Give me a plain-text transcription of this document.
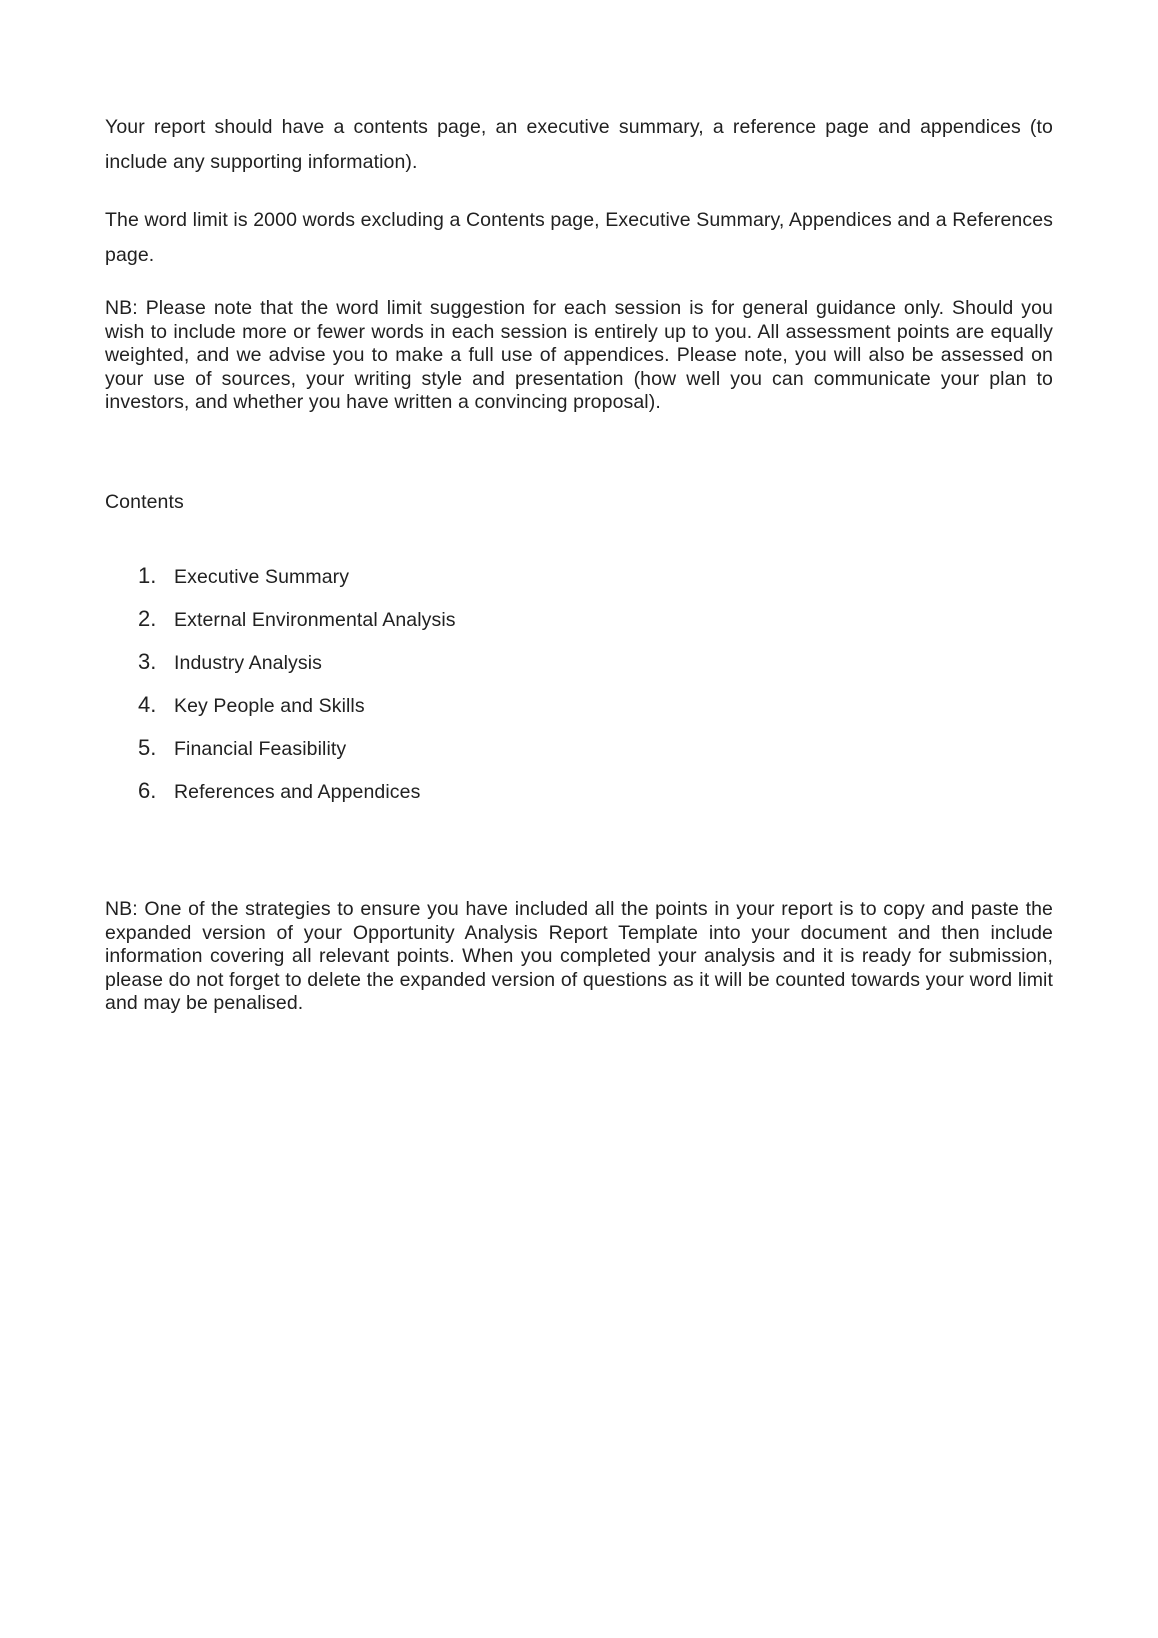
Your report should have a contents page, an executive summary, a reference page and appendices (to include any supporting information).

The word limit is 2000 words excluding a Contents page, Executive Summary, Appendices and a References page.

NB: Please note that the word limit suggestion for each session is for general guidance only. Should you wish to include more or fewer words in each session is entirely up to you. All assessment points are equally weighted, and we advise you to make a full use of appendices. Please note, you will also be assessed on your use of sources, your writing style and presentation (how well you can communicate your plan to investors, and whether you have written a convincing proposal).

Contents

1. Executive Summary
2. External Environmental Analysis
3. Industry Analysis
4. Key People and Skills
5. Financial Feasibility
6. References and Appendices

NB: One of the strategies to ensure you have included all the points in your report is to copy and paste the expanded version of your Opportunity Analysis Report Template into your document and then include information covering all relevant points. When you completed your analysis and it is ready for submission, please do not forget to delete the expanded version of questions as it will be counted towards your word limit and may be penalised.
